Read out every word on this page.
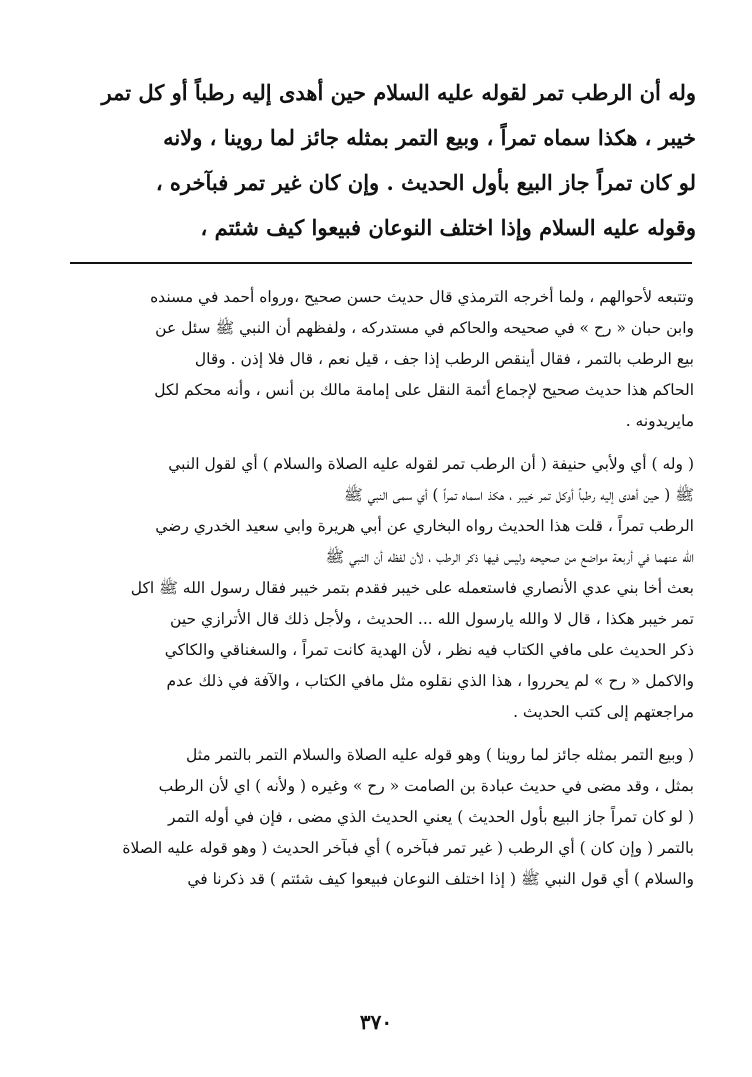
وله أن الرطب تمر لقوله عليه السلام حين أهدى إليه رطباً أو كل تمر
خيبر ، هكذا سماه تمراً ، وبيع التمر بمثله جائز لما روينا ، ولانه
لو كان تمراً جاز البيع بأول الحديث . وإن كان غير تمر فبآخره ،
وقوله عليه السلام وإذا اختلف النوعان فبيعوا كيف شئتم ،
وتتبعه لأحوالهم ، ولما أخرجه الترمذي قال حديث حسن صحيح ،ورواه أحمد في مسنده
وابن حبان « رح » في صحيحه والحاكم في مستدركه ، ولفظهم أن النبي ﷺ سئل عن
بيع الرطب بالتمر ، فقال أينقص الرطب إذا جف ، قيل نعم ، قال فلا إذن . وقال
الحاكم هذا حديث صحيح لإجماع أئمة النقل على إمامة مالك بن أنس ، وأنه محكم لكل
مايريدونه .
( وله ) أي ولأبي حنيفة ( أن الرطب تمر لقوله عليه الصلاة والسلام ) أي لقول النبي
ﷺ ( حين أهدى إليه رطباً أوكل تمر خيبر ، هكذ اسماه تمراً ) أي سمى النبي ﷺ
الرطب تمراً ، قلت هذا الحديث رواه البخاري عن أبي هريرة وابي سعيد الخدري رضي
الله عنهما في أربعة مواضع من صحيحه وليس فيها ذكر الرطب ، لأن لفظه أن النبي ﷺ
بعث أخا بني عدي الأنصاري فاستعمله على خيبر فقدم بتمر خيبر فقال رسول الله ﷺ اكل
تمر خيبر هكذا ، قال لا والله يارسول الله ... الحديث ، ولأجل ذلك قال الأترازي حين
ذكر الحديث على مافي الكتاب فيه نظر ، لأن الهدية كانت تمراً ، والسغناقي والكاكي
والاكمل « رح » لم يحرروا ، هذا الذي نقلوه مثل مافي الكتاب ، والآفة في ذلك عدم
مراجعتهم إلى كتب الحديث .
( وبيع التمر بمثله جائز لما روينا ) وهو قوله عليه الصلاة والسلام التمر بالتمر مثل
بمثل ، وقد مضى في حديث عبادة بن الصامت « رح » وغيره ( ولأنه ) اي لأن الرطب
( لو كان تمراً جاز البيع بأول الحديث ) يعني الحديث الذي مضى ، فإن في أوله التمر
بالتمر ( وإن كان ) أي الرطب ( غير تمر فبآخره ) أي فبآخر الحديث ( وهو قوله عليه الصلاة
والسلام ) أي قول النبي ﷺ ( إذا اختلف النوعان فبيعوا كيف شئتم ) قد ذكرنا في
٣٧٠
